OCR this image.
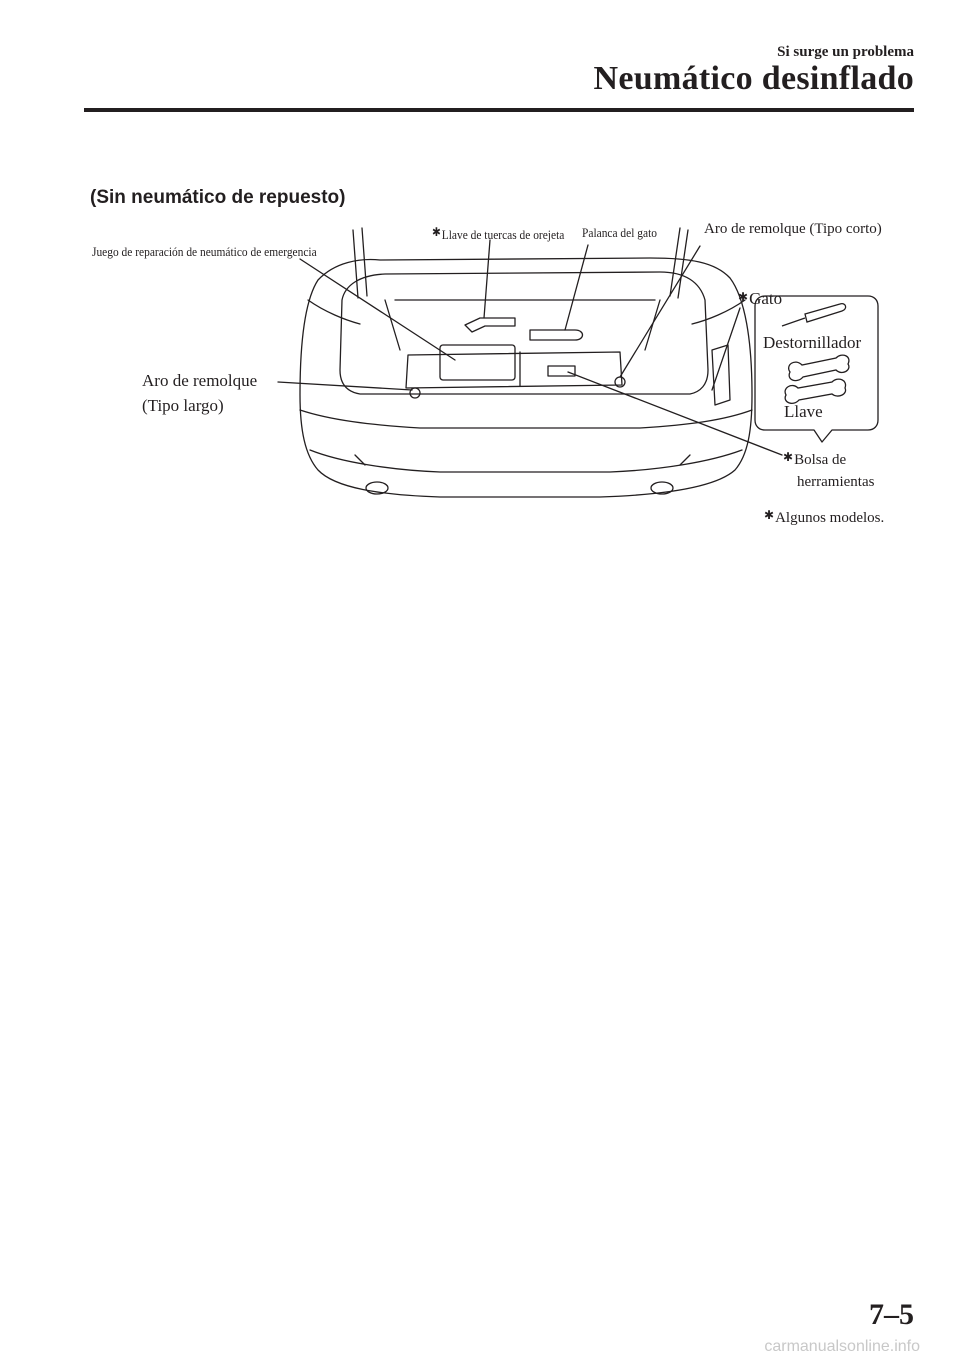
Si surge un problema
Neumático desinflado
(Sin neumático de repuesto)
Juego de reparación de neumático de emergencia
✱Llave de tuercas de orejeta Palanca del gato	Aro de remolque (Tipo corto)
✱Gato
Destornillador
Llave
Aro de remolque
(Tipo largo)
✱Bolsa de
herramientas
✱Algunos modelos.
7–5
carmanualsonline.info
